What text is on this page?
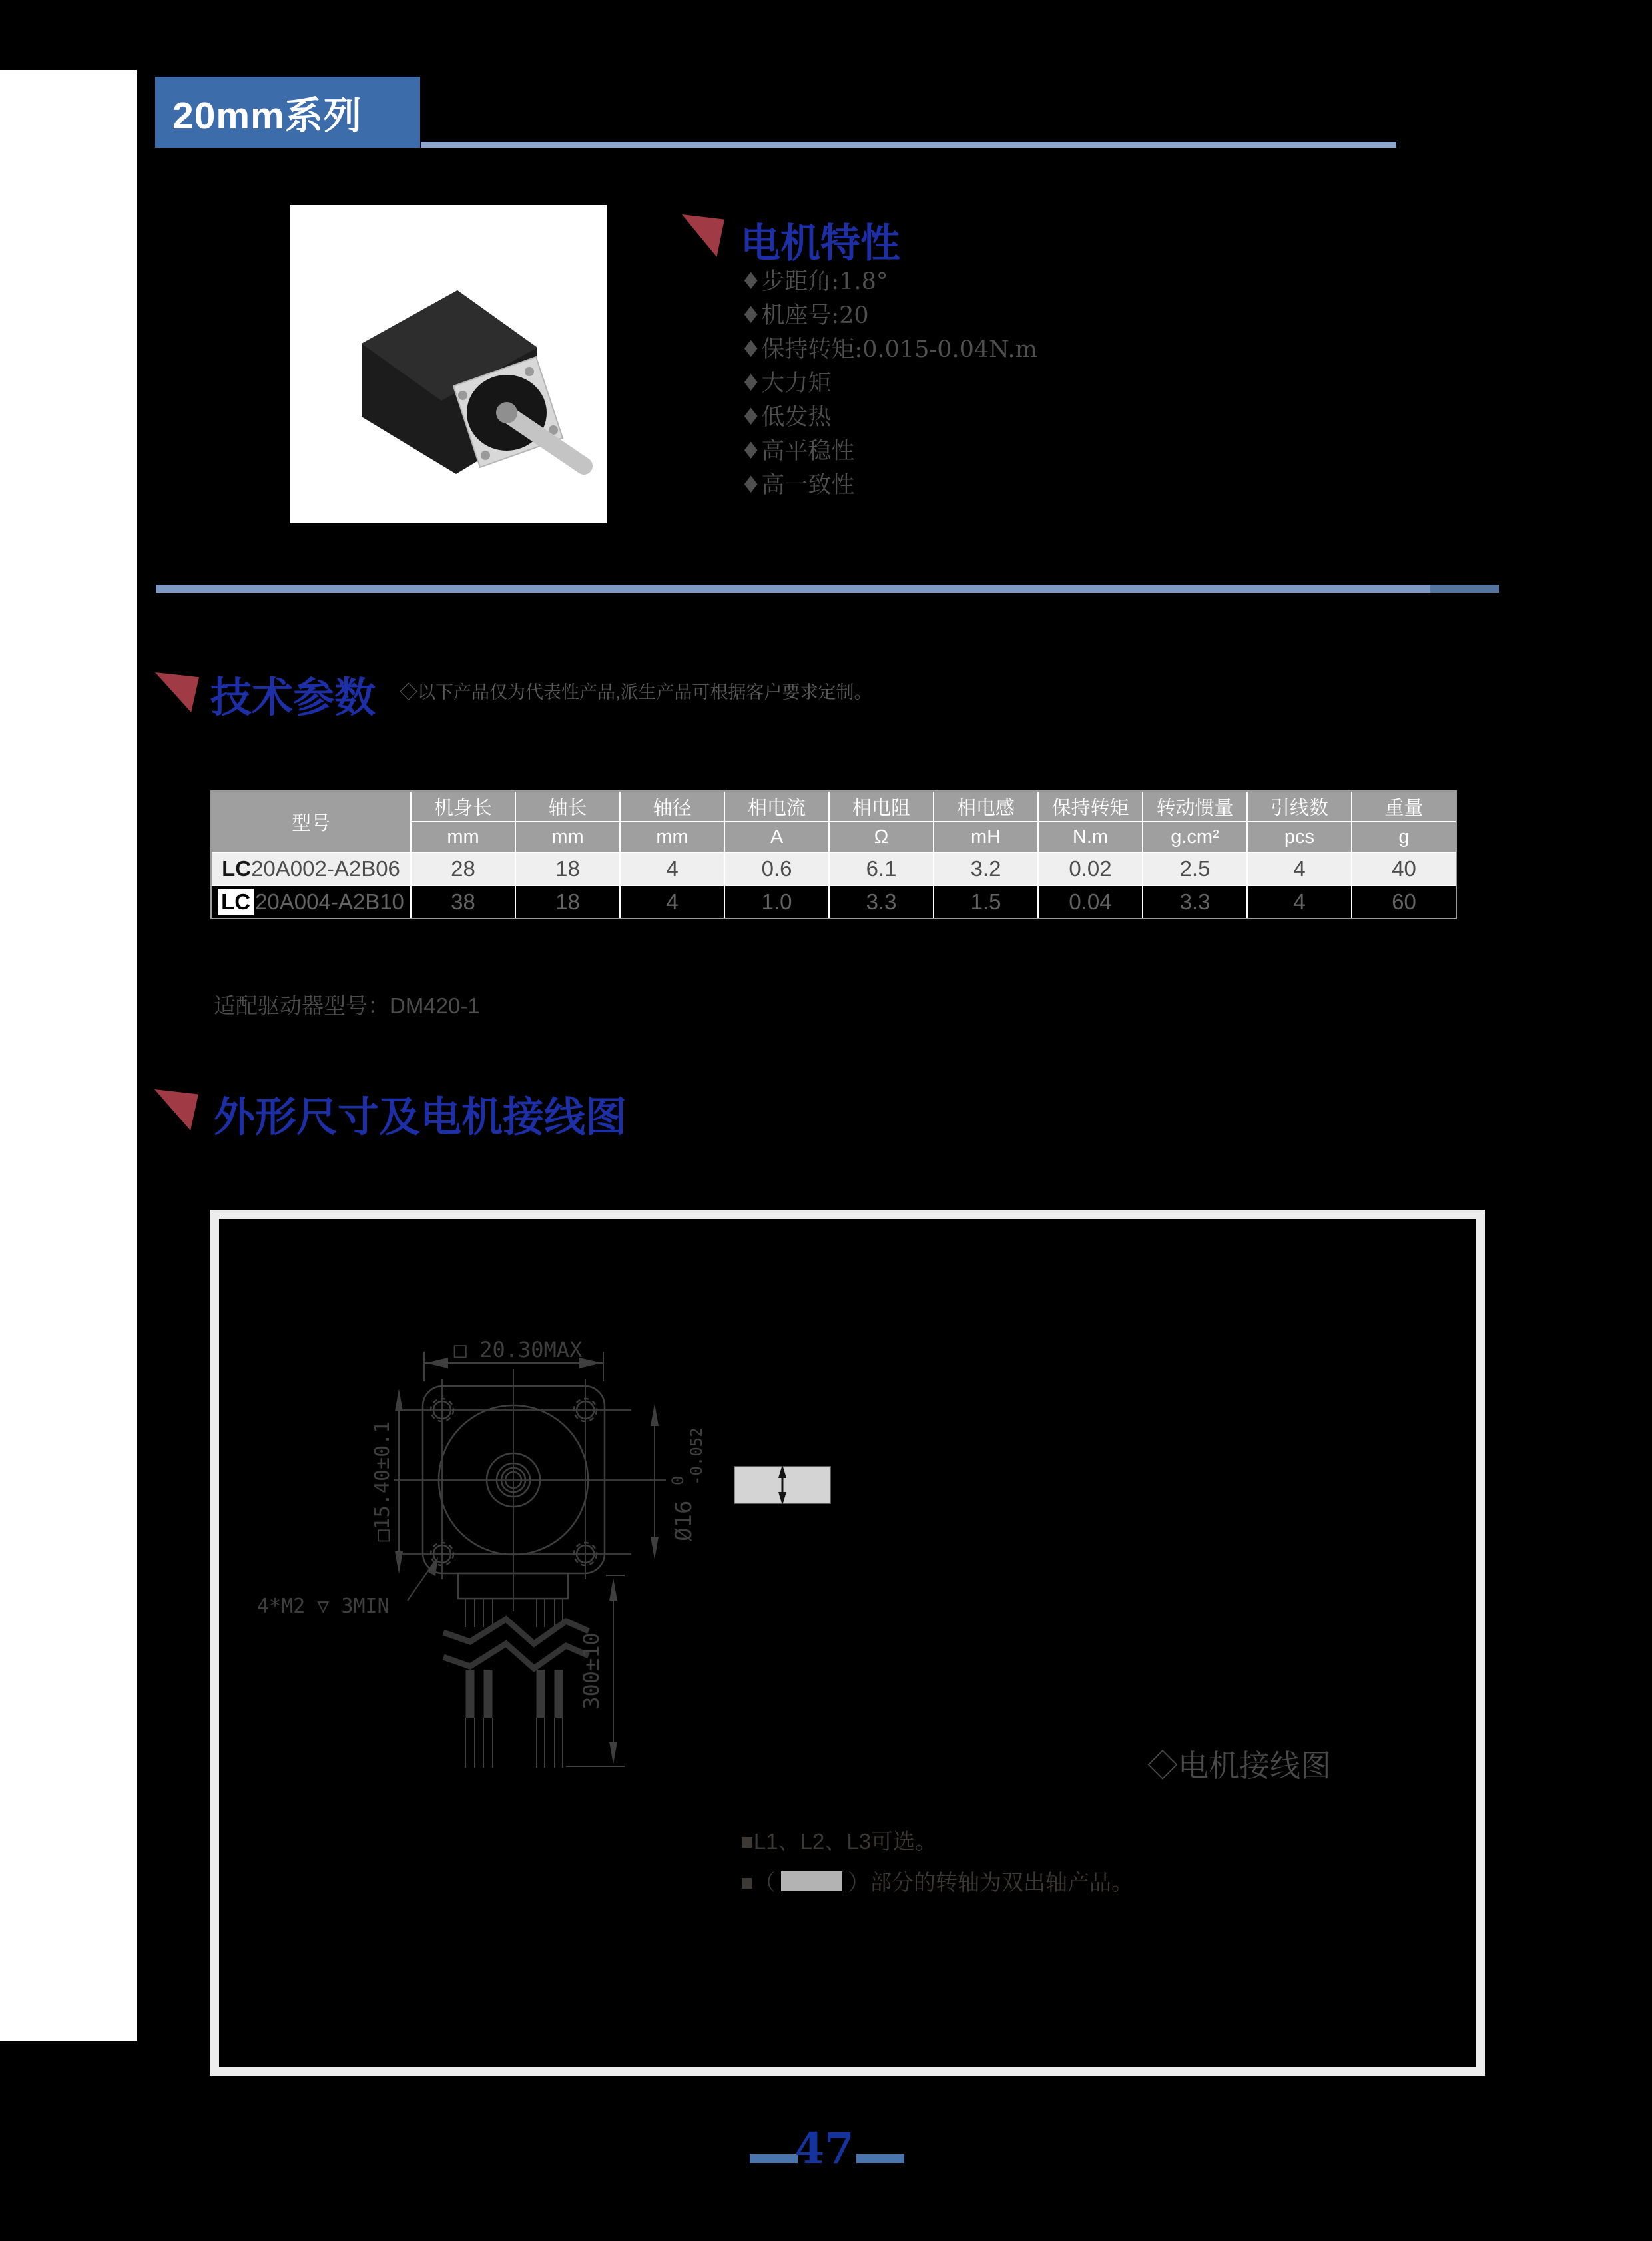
20mm系列
电机特性
♦步距角:1.8°
♦机座号:20
♦保持转矩:0.015-0.04N.m
♦大力矩
♦低发热
♦高平稳性
♦高一致性
技术参数 ◇以下产品仅为代表性产品,派生产品可根据客户要求定制。
型号
机身长	轴长	轴径	相电流	相电阻	相电感	保持转矩	转动惯量	引线数	重量
mm	mm	mm	A	Ω	mH	N.m	g.cm²	pcs	g
LC 20A002-A2B06	28	18	4	0.6	6.1	3.2	0.02	2.5	4	40
LC 20A004-A2B10	38	18	4	1.0	3.3	1.5	0.04	3.3	4	60
适配驱动器型号：DM420-1
外形尺寸及电机接线图
□ 20.30MAX
□15.40±0.1	Ø16
0 -0.052
4*M2 ▽ 3MIN
300±10
◇电机接线图
■L1、L2、L3可选。
■（	）部分的转轴为双出轴产品。
47
